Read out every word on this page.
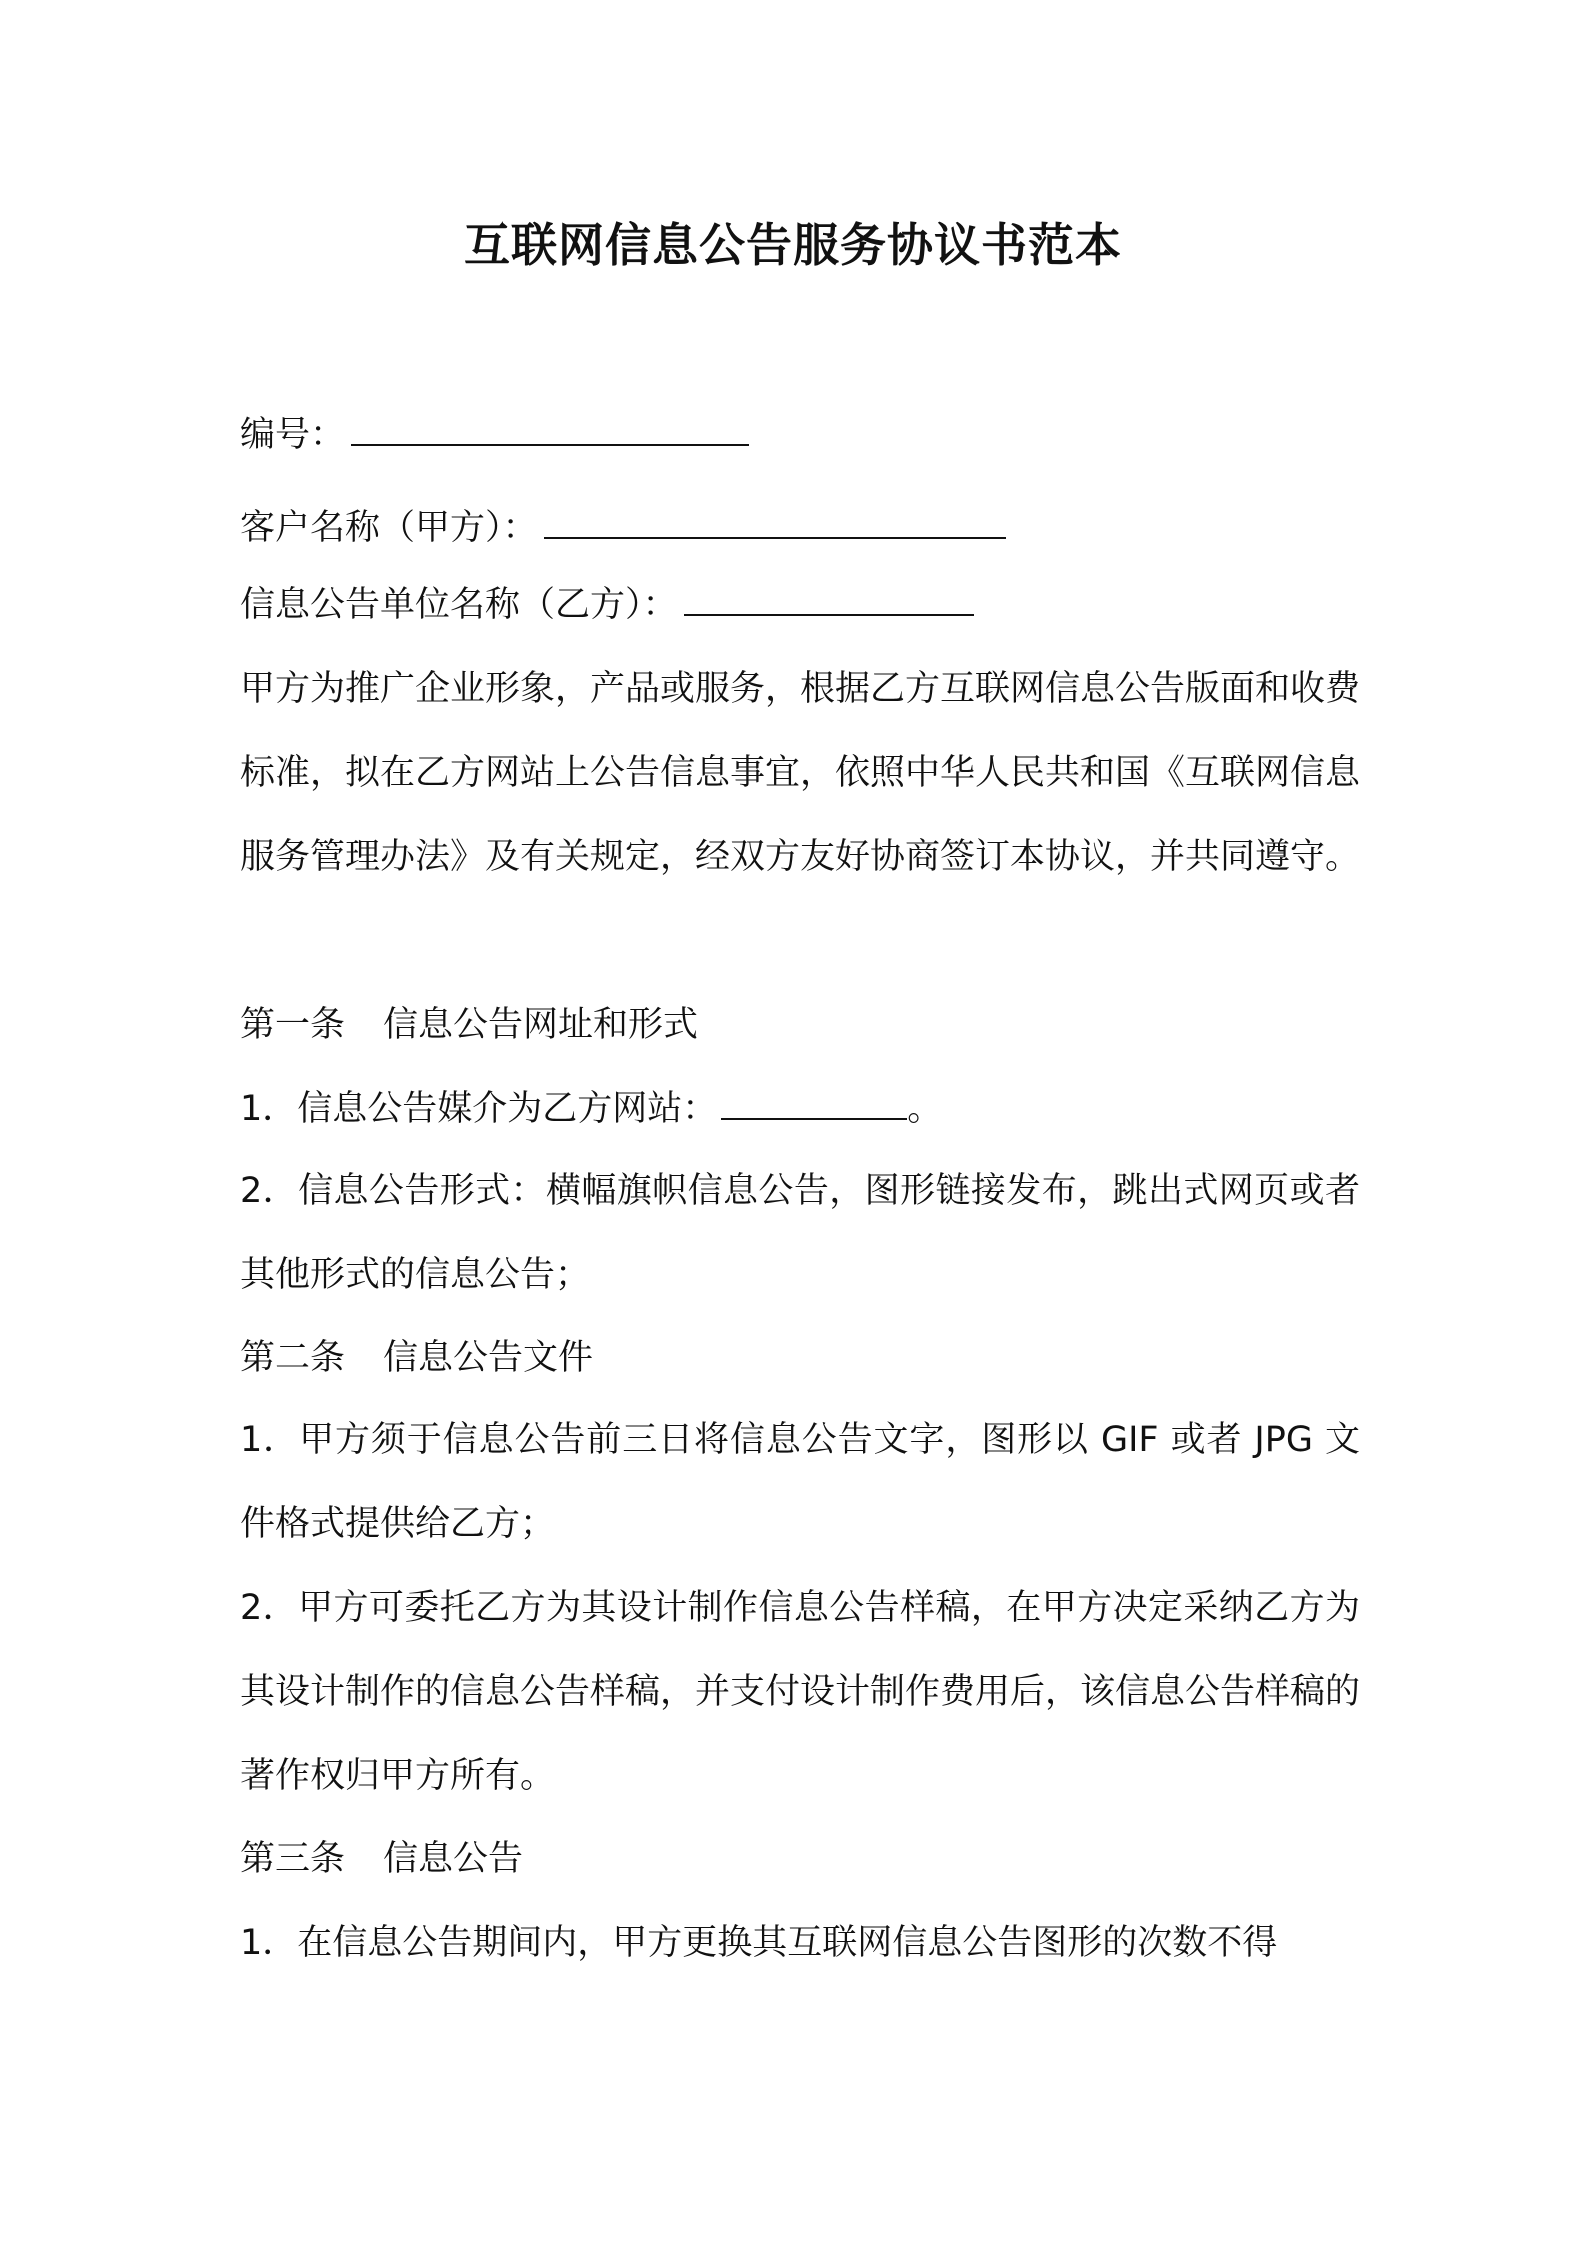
互联网信息公告服务协议书范本
编号：
客户名称（甲方）：
信息公告单位名称（乙方）：
甲方为推广企业形象，产品或服务，根据乙方互联网信息公告版面和收费标准，拟在乙方网站上公告信息事宜，依照中华人民共和国《互联网信息服务管理办法》及有关规定，经双方友好协商签订本协议，并共同遵守。
第一条 信息公告网址和形式
1．信息公告媒介为乙方网站：	。
2．信息公告形式：横幅旗帜信息公告，图形链接发布，跳出式网页或者其他形式的信息公告；
第二条 信息公告文件
1．甲方须于信息公告前三日将信息公告文字，图形以 GIF 或者 JPG 文件格式提供给乙方；
2．甲方可委托乙方为其设计制作信息公告样稿，在甲方决定采纳乙方为其设计制作的信息公告样稿，并支付设计制作费用后，该信息公告样稿的著作权归甲方所有。
第三条 信息公告
1．在信息公告期间内，甲方更换其互联网信息公告图形的次数不得
